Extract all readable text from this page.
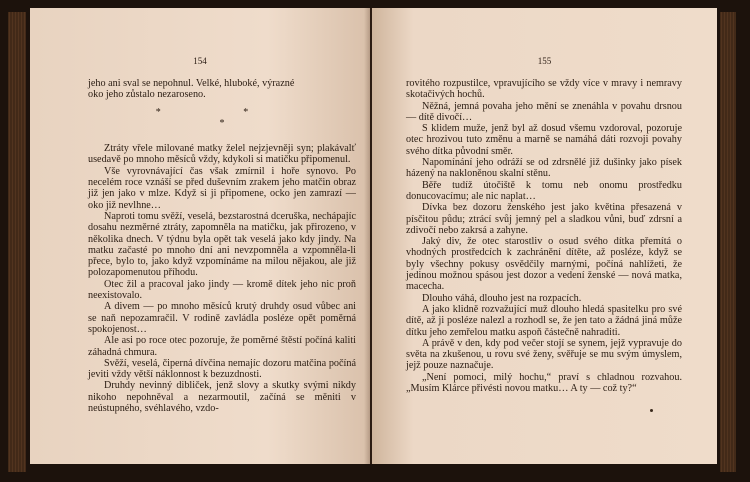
154

jeho ani sval se nepohnul. Velké, hluboké, výrazné

oko jeho zůstalo nezarosenо.

* *
*

Ztráty vřele milované matky želel nejzjevněji syn; plakávalť usedavě po mnoho měsíců vždy, kdykoli si matičku připomenul.

Vše vyrovnávající čas však zmírnil i hoře synovo. Po necelém roce vznáší se před duševním zrakem jeho matčin obraz již jen jako v mlze. Když si ji připomene, ocko jen zamrazí — oko již nevlhne…

Naproti tomu svěží, veselá, bezstarostná dceruška, nechápajíc dosahu nezměrné ztráty, zapomněla na matičku, jak přirozeno, v několika dnech. V týdnu byla opět tak veselá jako kdy jindy. Na matku začasté po mnoho dní ani nevzpomněla a vzpomněla-li přece, bylo to, jako když vzpomínáme na milou nějakou, ale již polozapomenutou příhodu.

Otec žil a pracoval jako jindy — kromě dítek jeho nic proň neexistovalo.

A divem — po mnoho měsíců krutý druhdy osud vůbec ani se naň nepozamračil. V rodině zavládla posléze opět poměrná spokojenost…

Ale asi po roce otec pozoruje, že poměrné štěstí počíná kaliti záhadná chmura.

Svěží, veselá, čiperná dívčina nemajíc dozoru matčina počíná jeviti vždy větší náklonnost k bezuzdnosti.

Druhdy nevinný dibliček, jenž slovy a skutky svými nikdy nikoho nepohněval a nezarmoutil, začíná se měniti v neústupného, svéhlavého, vzdo-

155

rovitého rozpustilce, vpravujícího se vždy více v mravy i nemravy skotačivých hochů.

Něžná, jemná povaha jeho mění se znenáhla v povahu drsnou — dítě divočí…

S klidem muže, jenž byl až dosud všemu vzdoroval, pozoruje otec hrozivou tuto změnu a marně se namáhá dáti rozvoji povahy svého dítka původní směr.

Napomínání jeho odráží se od zdrsnělé již dušinky jako písek házený na nakloněnou skalní stěnu.

Běře tudíž útočiště k tomu neb onomu prostředku donucovacímu; ale nic naplat…

Dívka bez dozoru ženského jest jako květina přesazená v písčitou půdu; ztrácí svůj jemný pel a sladkou vůni, buď zdrsní a zdivočí nebo zakrsá a zahyne.

Jaký div, že otec starostliv o osud svého dítka přemítá o vhodných prostředcích k zachránění dítěte, až posléze, když se byly všechny pokusy osvědčily marnými, počíná nahlížeti, že jedinou možnou spásou jest dozor a vedení ženské — nová matka, macecha.

Dlouho váhá, dlouho jest na rozpacích.

A jako klidně rozvažující muž dlouho hledá spasitelku pro své dítě, až ji posléze nalezl a rozhodl se, že jen tato a žádná jiná může dítku jeho zemřelou matku aspoň částečně nahraditi.

A právě v den, kdy pod večer stojí se synem, jejž vypravuje do světa na zkušenou, u rovu své ženy, svěřuje se mu svým úmyslem, jejž pouze naznačuje.

„Není pomoci, milý hochu,“ praví s chladnou rozvahou. „Musím Klárce přivésti novou matku… A ty — což ty?“
